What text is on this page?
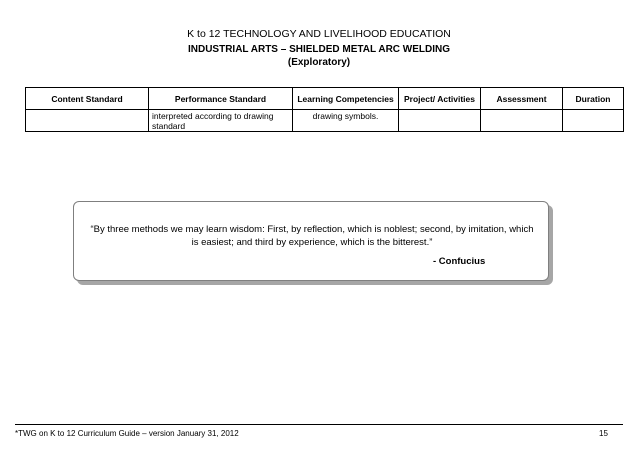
K to 12 TECHNOLOGY AND LIVELIHOOD EDUCATION
INDUSTRIAL ARTS – SHIELDED METAL ARC WELDING
(Exploratory)
Content Standard	Performance Standard	Learning Competencies	Project/ Activities	Assessment	Duration
	interpreted according to drawing standard	drawing symbols.			
“By three methods we may learn wisdom: First, by reflection, which is noblest; second, by imitation, which is easiest; and third by experience, which is the bitterest.”
- Confucius
*TWG on K to 12 Curriculum Guide – version January 31, 2012	15
